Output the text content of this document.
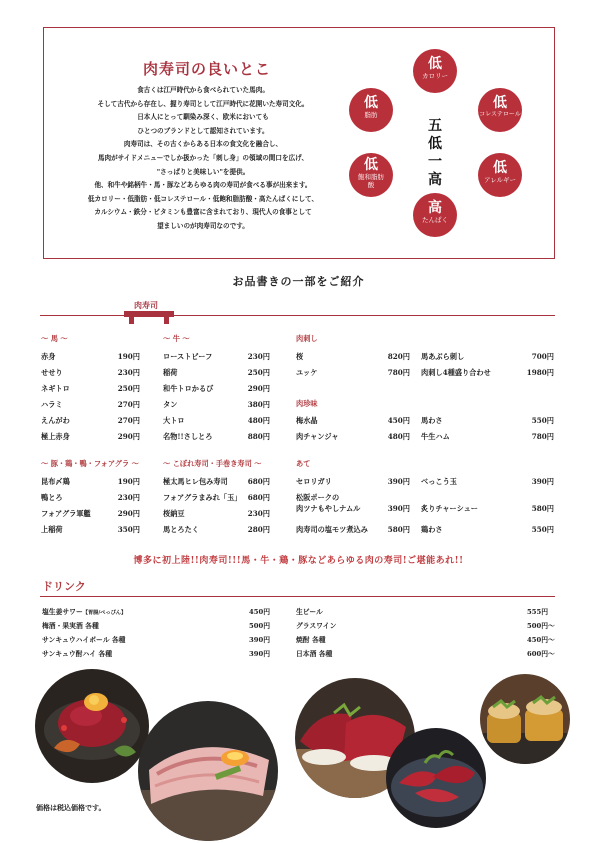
肉寿司の良いとこ
食古くは江戸時代から食べられていた馬肉。
そして古代から存在し、握り寿司として江戸時代に花開いた寿司文化。
日本人にとって馴染み深く、欧米においても
ひとつのブランドとして認知されています。
肉寿司は、その古くからある日本の食文化を融合し、
馬肉がサイドメニューでしか扱かった「刺し身」の領域の間口を広げ、
"さっぱりと美味しい"を提供。
他、和牛や銘柄牛・馬・豚などあらゆる肉の寿司が食べる事が出来ます。
低カロリー・低脂肪・低コレステロール・低飽和脂肪酸・高たんぱくにして、
カルシウム・鉄分・ビタミンも豊富に含まれており、現代人の食事として
望ましいのが肉寿司なのです。
低
カロリー
低
コレステロール
低
アレルギー
高
たんぱく
低
飽和脂肪酸
低
脂肪
五低一高
お品書きの一部をご紹介
肉寿司
～ 馬 ～
赤身	190円
せせり	230円
ネギトロ	250円
ハラミ	270円
えんがわ	270円
極上赤身	290円
～ 牛 ～
ローストビーフ	230円
稲荷	250円
和牛トロかるび	290円
タン	380円
大トロ	480円
名物!!さしとろ	880円
肉刺し
桜	820円
ユッケ	780円
肉珍味
梅水晶	450円
肉チャンジャ	480円
馬あぶら刺し	700円
肉刺し4種盛り合わせ	1980円
馬わさ	550円
牛生ハム	780円
～ 豚・鶏・鴨・フォアグラ ～
昆布〆鶏	190円
鴨とろ	230円
フォアグラ軍艦	290円
上稲荷	350円
～ こぼれ寿司・手巻き寿司 ～
極太馬ヒレ包み寿司	680円
フォアグラまみれ「玉」 680円
桜納豆	230円
馬とろたく	280円
あて
セロリガリ	390円
松阪ポークの
肉ツナもやしナムル	390円
肉寿司の塩モツ煮込み	580円
べっこう玉	390円
炙りチャーシュー	580円
鶏わさ	550円
博多に初上陸!!肉寿司!!!馬・牛・鶏・豚などあらゆる肉の寿司!ご堪能あれ!!
ドリンク
塩生姜サワー【胃腸/ぺっぴん】	450円
梅酒・果実酒 各種	500円
サンキュウハイボール 各種	390円
サンキュウ酎ハイ 各種	390円
生ビール	555円
グラスワイン	500円～
焼酎 各種	450円～
日本酒 各種	600円～
価格は税込価格です。
